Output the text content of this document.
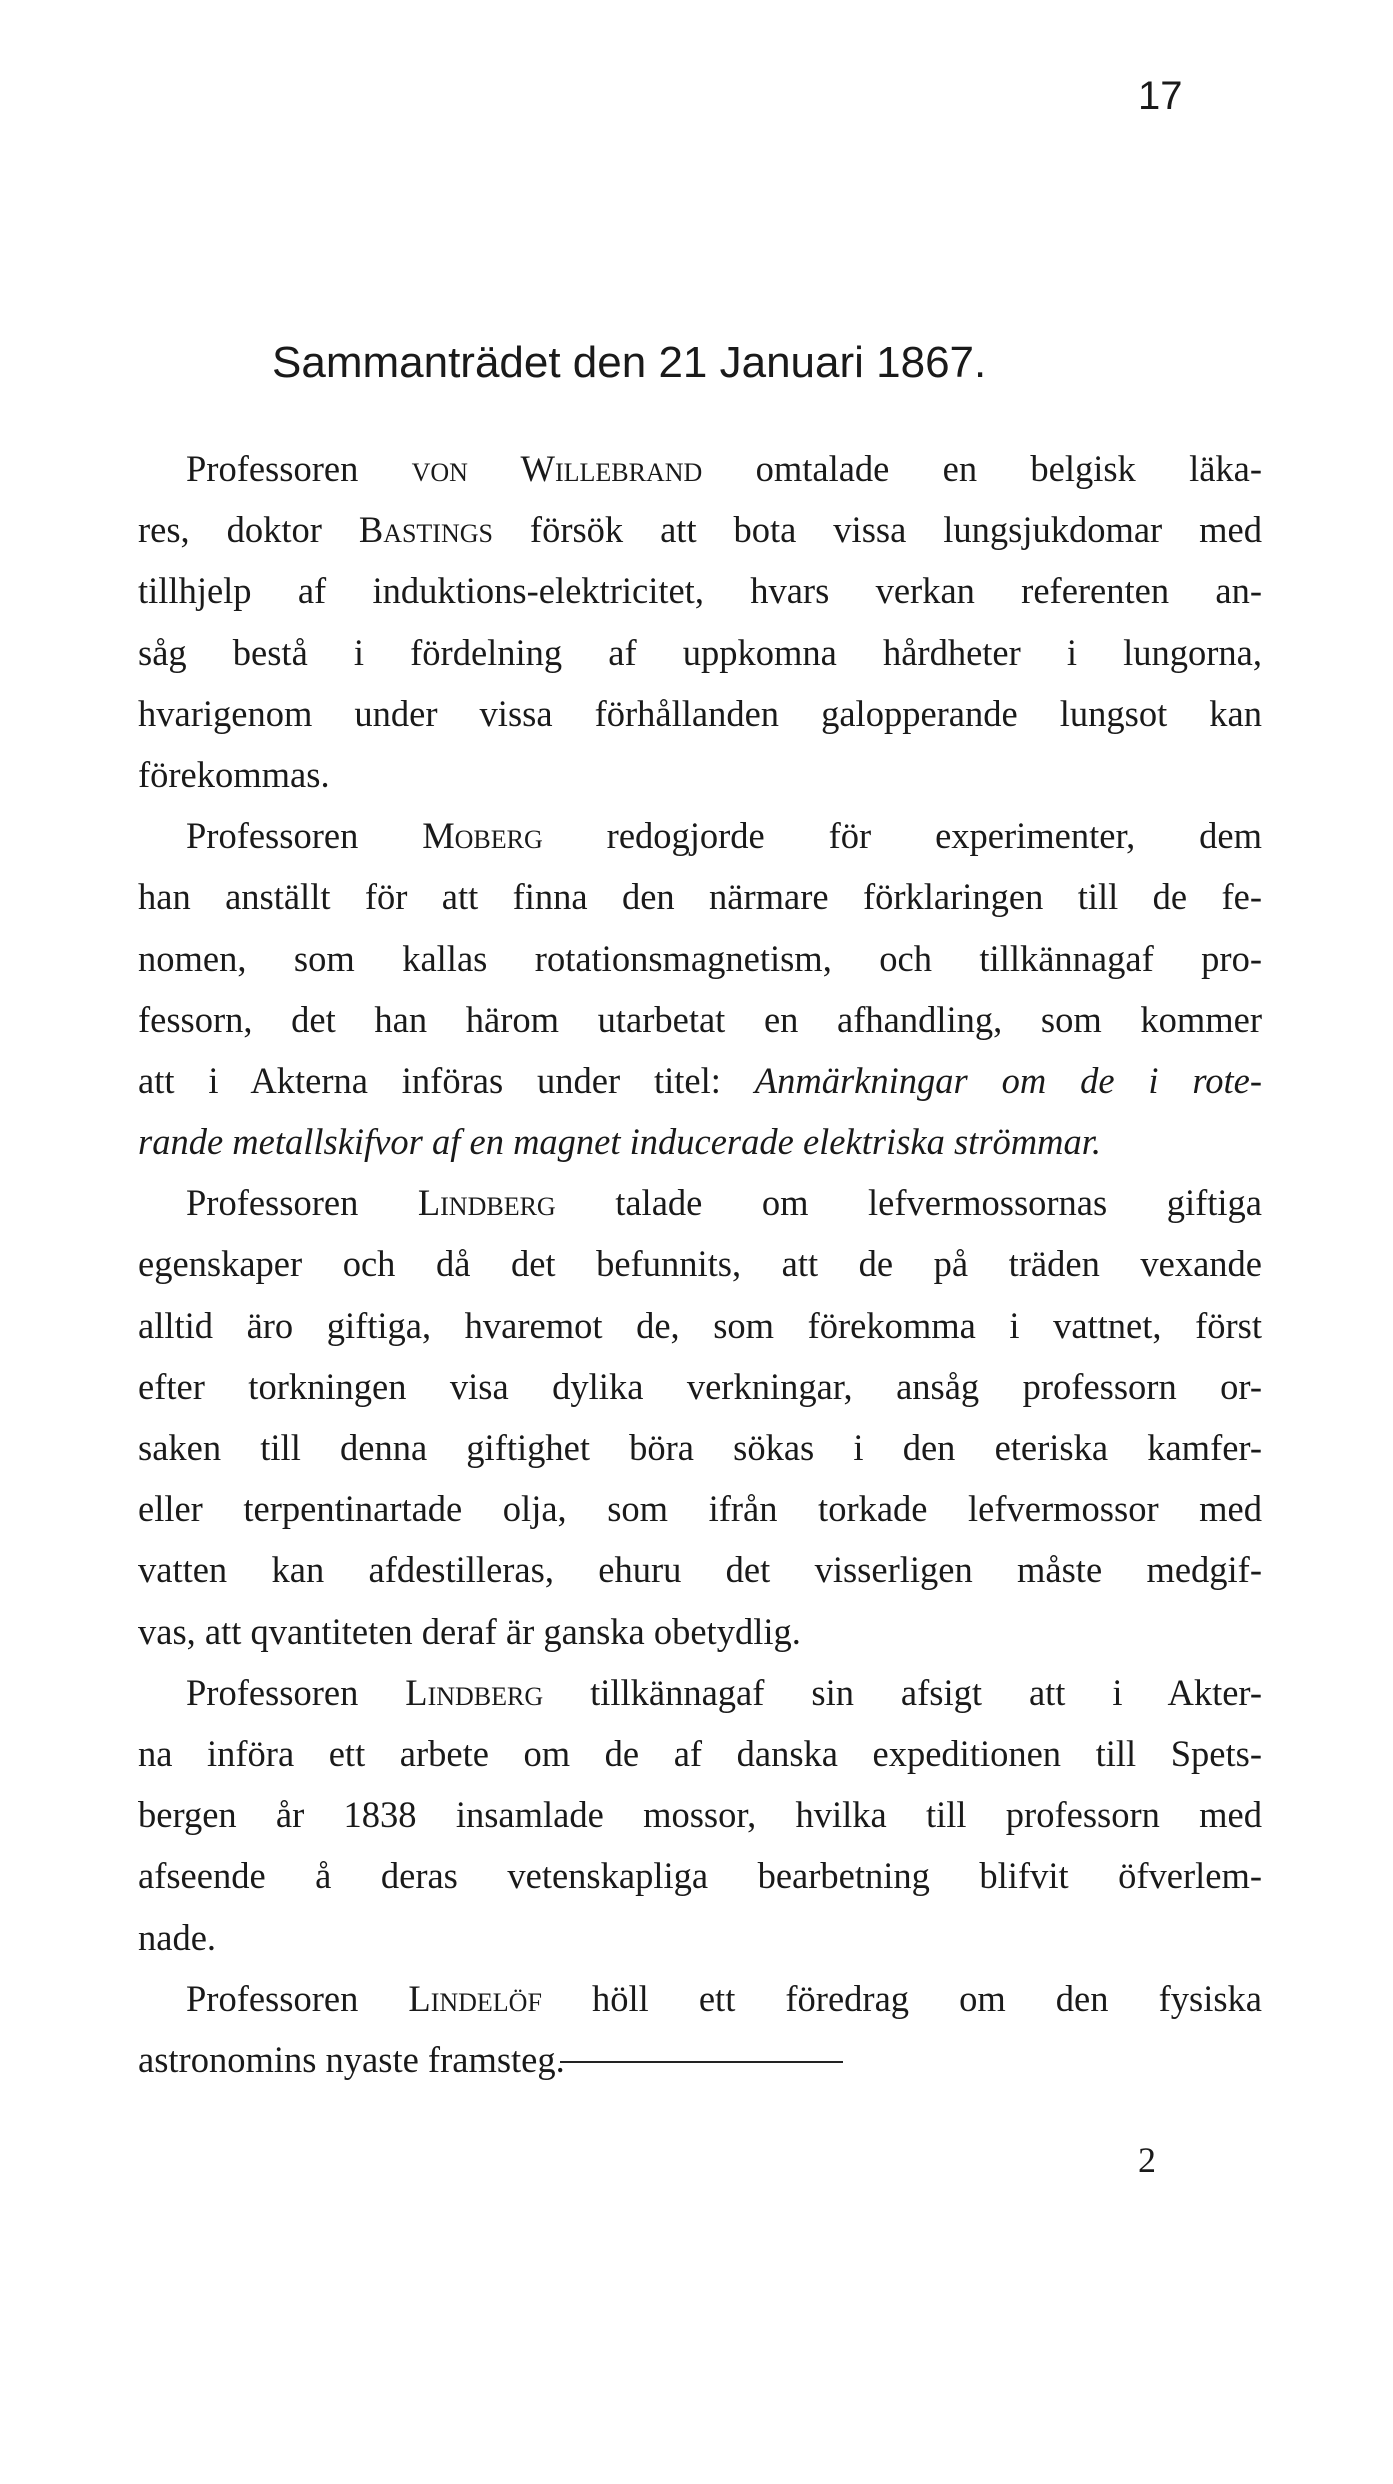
17
Sammanträdet den 21 Januari 1867.
Professoren von Willebrand omtalade en belgisk läka-
res, doktor Bastings försök att bota vissa lungsjukdomar med
tillhjelp af induktions-elektricitet, hvars verkan referenten an-
såg bestå i fördelning af uppkomna hårdheter i lungorna,
hvarigenom under vissa förhållanden galopperande lungsot kan
förekommas.
Professoren Moberg redogjorde för experimenter, dem
han anställt för att finna den närmare förklaringen till de fe-
nomen, som kallas rotationsmagnetism, och tillkännagaf pro-
fessorn, det han härom utarbetat en afhandling, som kommer
att i Akterna införas under titel: Anmärkningar om de i rote-
rande metallskifvor af en magnet inducerade elektriska strömmar.
Professoren Lindberg talade om lefvermossornas giftiga
egenskaper och då det befunnits, att de på träden vexande
alltid äro giftiga, hvaremot de, som förekomma i vattnet, först
efter torkningen visa dylika verkningar, ansåg professorn or-
saken till denna giftighet böra sökas i den eteriska kamfer-
eller terpentinartade olja, som ifrån torkade lefvermossor med
vatten kan afdestilleras, ehuru det visserligen måste medgif-
vas, att qvantiteten deraf är ganska obetydlig.
Professoren Lindberg tillkännagaf sin afsigt att i Akter-
na införa ett arbete om de af danska expeditionen till Spets-
bergen år 1838 insamlade mossor, hvilka till professorn med
afseende å deras vetenskapliga bearbetning blifvit öfverlem-
nade.
Professoren Lindelöf höll ett föredrag om den fysiska
astronomins nyaste framsteg.
2
